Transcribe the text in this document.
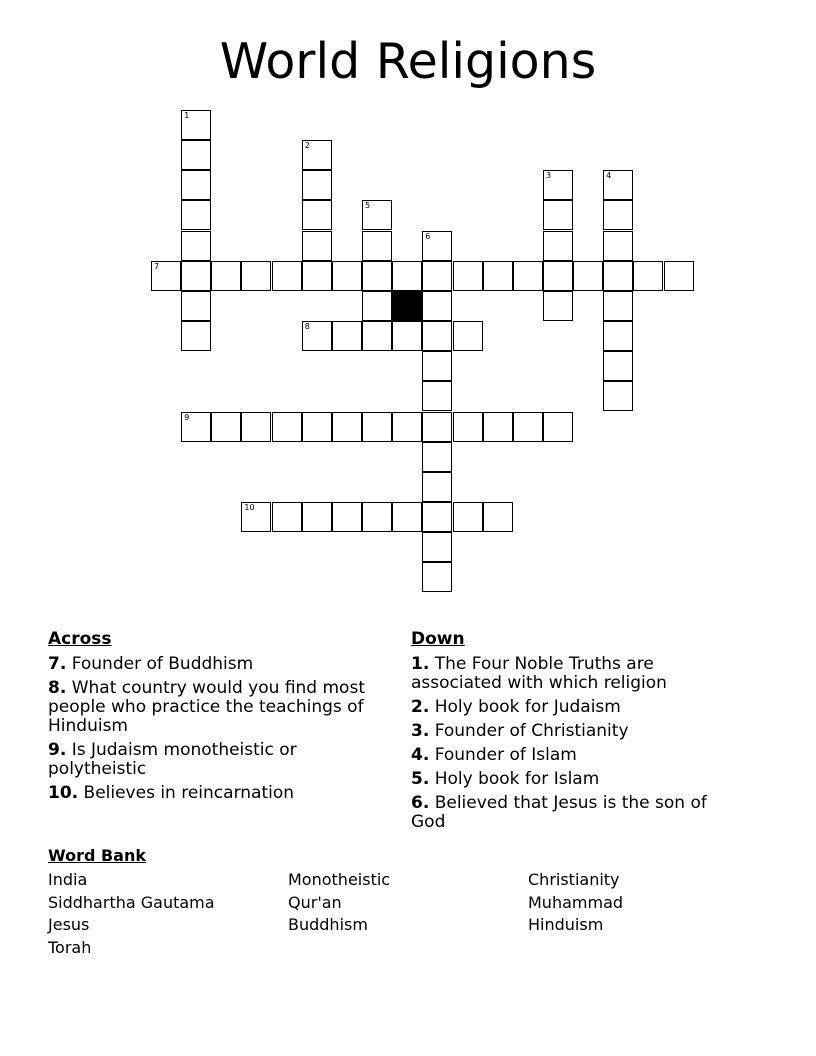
World Religions
1
2
3	4
5
6
7
8
9
10
Across
7. Founder of Buddhism
8. What country would you find most people who practice the teachings of Hinduism
9. Is Judaism monotheistic or polytheistic
10. Believes in reincarnation
Down
1. The Four Noble Truths are associated with which religion
2. Holy book for Judaism
3. Founder of Christianity
4. Founder of Islam
5. Holy book for Islam
6. Believed that Jesus is the son of God
Word Bank
India
Siddhartha Gautama
Jesus
Torah
Monotheistic
Qur'an
Buddhism
Christianity
Muhammad
Hinduism
